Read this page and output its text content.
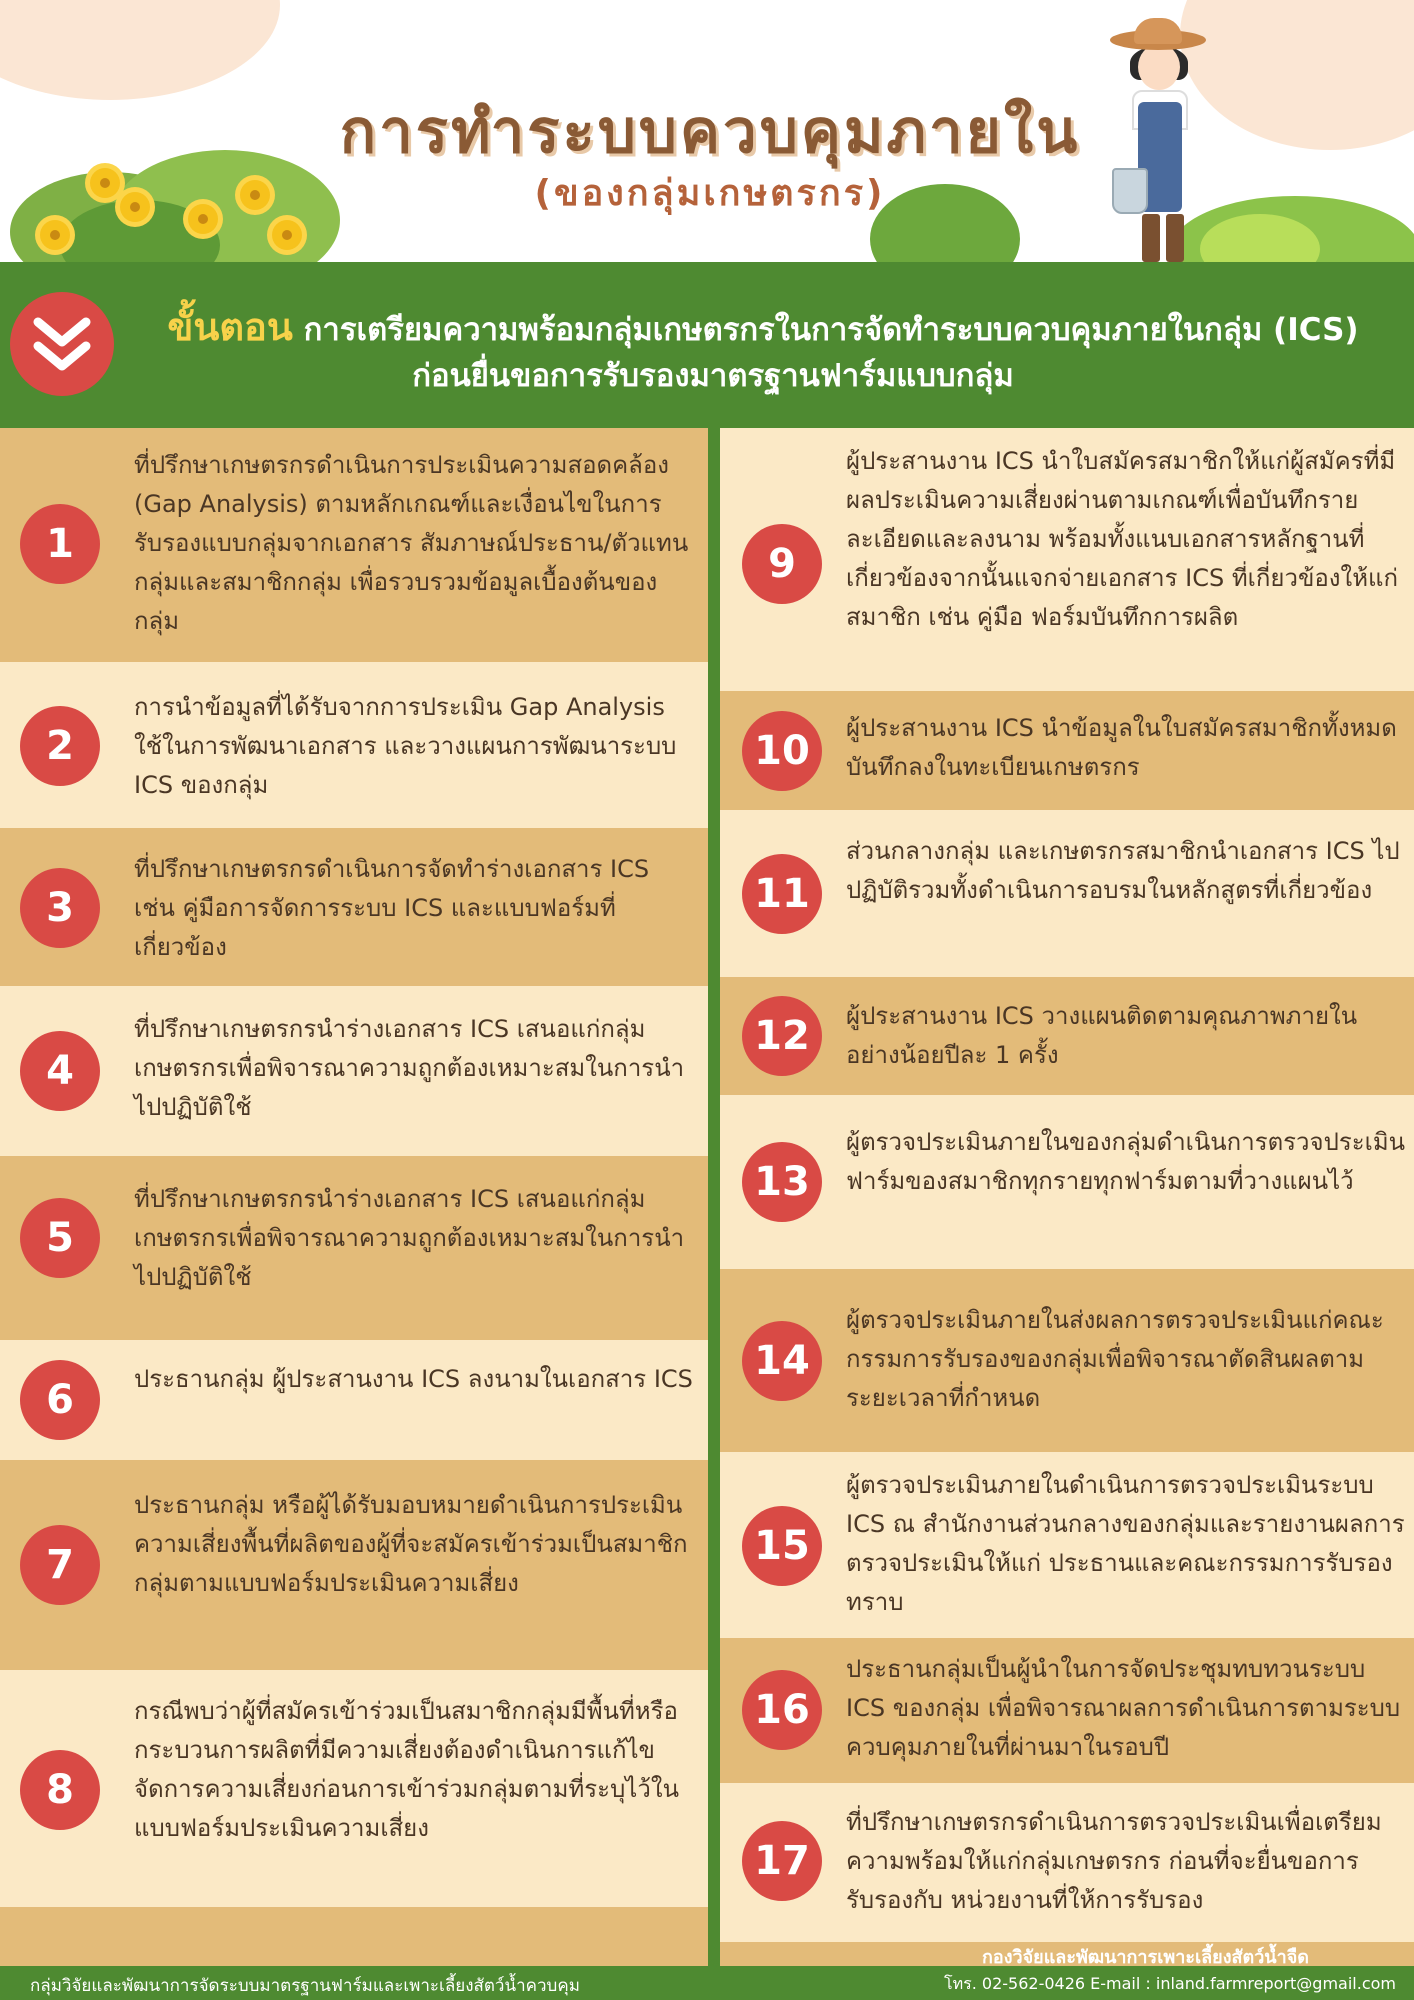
การทำระบบควบคุมภายใน
(ของกลุ่มเกษตรกร)
ขั้นตอน การเตรียมความพร้อมกลุ่มเกษตรกรในการจัดทำระบบควบคุมภายในกลุ่ม (ICS)
ก่อนยื่นขอการรับรองมาตรฐานฟาร์มแบบกลุ่ม
1
ที่ปรึกษาเกษตรกรดำเนินการประเมินความสอดคล้อง (Gap Analysis) ตามหลักเกณฑ์และเงื่อนไขในการรับรองแบบกลุ่มจากเอกสาร สัมภาษณ์ประธาน/ตัวแทนกลุ่มและสมาชิกกลุ่ม เพื่อรวบรวมข้อมูลเบื้องต้นของกลุ่ม
2
การนำข้อมูลที่ได้รับจากการประเมิน Gap Analysis ใช้ในการพัฒนาเอกสาร และวางแผนการพัฒนาระบบ ICS ของกลุ่ม
3
ที่ปรึกษาเกษตรกรดำเนินการจัดทำร่างเอกสาร ICS เช่น คู่มือการจัดการระบบ ICS และแบบฟอร์มที่เกี่ยวข้อง
4
ที่ปรึกษาเกษตรกรนำร่างเอกสาร ICS เสนอแก่กลุ่มเกษตรกรเพื่อพิจารณาความถูกต้องเหมาะสมในการนำไปปฏิบัติใช้
5
ที่ปรึกษาเกษตรกรนำร่างเอกสาร ICS เสนอแก่กลุ่มเกษตรกรเพื่อพิจารณาความถูกต้องเหมาะสมในการนำไปปฏิบัติใช้
6	ประธานกลุ่ม ผู้ประสานงาน ICS ลงนามในเอกสาร ICS
7
ประธานกลุ่ม หรือผู้ได้รับมอบหมายดำเนินการประเมินความเสี่ยงพื้นที่ผลิตของผู้ที่จะสมัครเข้าร่วมเป็นสมาชิกกลุ่มตามแบบฟอร์มประเมินความเสี่ยง
8
กรณีพบว่าผู้ที่สมัครเข้าร่วมเป็นสมาชิกกลุ่มมีพื้นที่หรือกระบวนการผลิตที่มีความเสี่ยงต้องดำเนินการแก้ไขจัดการความเสี่ยงก่อนการเข้าร่วมกลุ่มตามที่ระบุไว้ในแบบฟอร์มประเมินความเสี่ยง
9
ผู้ประสานงาน ICS นำใบสมัครสมาชิกให้แก่ผู้สมัครที่มีผลประเมินความเสี่ยงผ่านตามเกณฑ์เพื่อบันทึกรายละเอียดและลงนาม พร้อมทั้งแนบเอกสารหลักฐานที่เกี่ยวข้องจากนั้นแจกจ่ายเอกสาร ICS ที่เกี่ยวข้องให้แก่สมาชิก เช่น คู่มือ ฟอร์มบันทึกการผลิต
10	ผู้ประสานงาน ICS นำข้อมูลในใบสมัครสมาชิกทั้งหมด บันทึกลงในทะเบียนเกษตรกร
11
ส่วนกลางกลุ่ม และเกษตรกรสมาชิกนำเอกสาร ICS ไปปฏิบัติรวมทั้งดำเนินการอบรมในหลักสูตรที่เกี่ยวข้อง
12	ผู้ประสานงาน ICS วางแผนติดตามคุณภาพภายใน อย่างน้อยปีละ 1 ครั้ง
13
ผู้ตรวจประเมินภายในของกลุ่มดำเนินการตรวจประเมินฟาร์มของสมาชิกทุกรายทุกฟาร์มตามที่วางแผนไว้
14
ผู้ตรวจประเมินภายในส่งผลการตรวจประเมินแก่คณะกรรมการรับรองของกลุ่มเพื่อพิจารณาตัดสินผลตามระยะเวลาที่กำหนด
15
ผู้ตรวจประเมินภายในดำเนินการตรวจประเมินระบบ ICS ณ สำนักงานส่วนกลางของกลุ่มและรายงานผลการตรวจประเมินให้แก่ ประธานและคณะกรรมการรับรองทราบ
16
ประธานกลุ่มเป็นผู้นำในการจัดประชุมทบทวนระบบ ICS ของกลุ่ม เพื่อพิจารณาผลการดำเนินการตามระบบควบคุมภายในที่ผ่านมาในรอบปี
17
ที่ปรึกษาเกษตรกรดำเนินการตรวจประเมินเพื่อเตรียมความพร้อมให้แก่กลุ่มเกษตรกร ก่อนที่จะยื่นขอการรับรองกับ หน่วยงานที่ให้การรับรอง
กองวิจัยและพัฒนาการเพาะเลี้ยงสัตว์น้ำจืด
กลุ่มวิจัยและพัฒนาการจัดระบบมาตรฐานฟาร์มและเพาะเลี้ยงสัตว์น้ำควบคุม	โทร. 02-562-0426 E-mail : inland.farmreport@gmail.com
